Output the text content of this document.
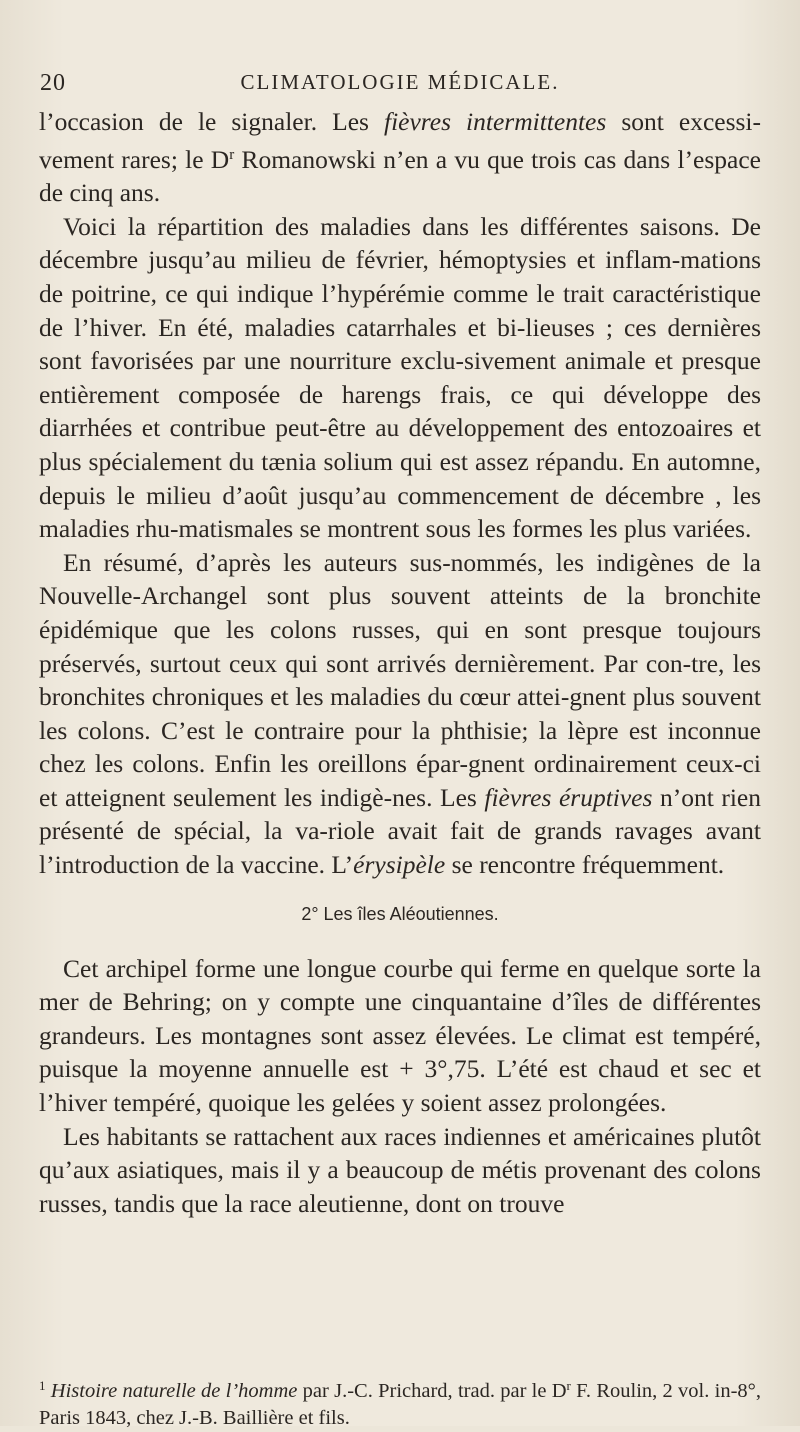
20	CLIMATOLOGIE MÉDICALE.

l’occasion de le signaler. Les fièvres intermittentes sont excessi-vement rares; le $D^r$ Romanowski n’en a vu que trois cas dans l’espace de cinq ans.

Voici la répartition des maladies dans les différentes saisons. De décembre jusqu’au milieu de février, hémoptysies et inflam-mations de poitrine, ce qui indique l’hypérémie comme le trait caractéristique de l’hiver. En été, maladies catarrhales et bi-lieuses ; ces dernières sont favorisées par une nourriture exclu-sivement animale et presque entièrement composée de harengs frais, ce qui développe des diarrhées et contribue peut-être au développement des entozoaires et plus spécialement du tænia solium qui est assez répandu. En automne, depuis le milieu d’août jusqu’au commencement de décembre , les maladies rhu-matismales se montrent sous les formes les plus variées.

En résumé, d’après les auteurs sus-nommés, les indigènes de la Nouvelle-Archangel sont plus souvent atteints de la bronchite épidémique que les colons russes, qui en sont presque toujours préservés, surtout ceux qui sont arrivés dernièrement. Par con-tre, les bronchites chroniques et les maladies du cœur attei-gnent plus souvent les colons. C’est le contraire pour la phthisie; la lèpre est inconnue chez les colons. Enfin les oreillons épar-gnent ordinairement ceux-ci et atteignent seulement les indigè-nes. Les fièvres éruptives n’ont rien présenté de spécial, la va-riole avait fait de grands ravages avant l’introduction de la vaccine. L’érysipèle se rencontre fréquemment.

2° Les îles Aléoutiennes.

Cet archipel forme une longue courbe qui ferme en quelque sorte la mer de Behring; on y compte une cinquantaine d’îles de différentes grandeurs. Les montagnes sont assez élevées. Le climat est tempéré, puisque la moyenne annuelle est + 3°,75. L’été est chaud et sec et l’hiver tempéré, quoique les gelées y soient assez prolongées.

Les habitants se rattachent aux races indiennes et américaines plutôt qu’aux asiatiques, mais il y a beaucoup de métis provenant des colons russes, tandis que la race aleutienne, dont on trouve

$^1$ Histoire naturelle de l’homme par J.-C. Prichard, trad. par le $D^r$ F. Roulin, 2 vol. in-8°, Paris 1843, chez J.-B. Baillière et fils.
